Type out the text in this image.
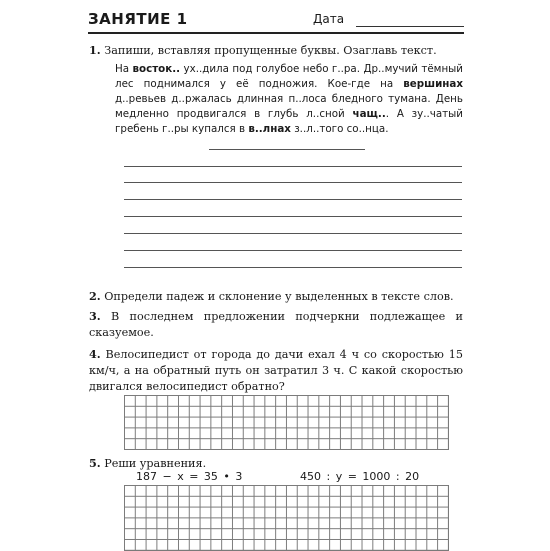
ЗАНЯТИЕ 1	Дата
1. Запиши, вставляя пропущенные буквы. Озаглавь текст.
На восток.. ух..дила под голубое небо г..ра. Др..мучий тёмный лес поднимался у её подножия. Кое-где на вершинах д..ревьев д..ржалась длинная п..лоса бледного тумана. День медленно продвигался в глубь л..сной чащ... А зу..чатый гребень г..ры купался в в..лнах з..л..того со..нца.
2. Определи падеж и склонение у выделенных в тексте слов.
3. В последнем предложении подчеркни подлежащее и сказуемое.
4. Велосипедист от города до дачи ехал 4 ч со скоростью 15 км/ч, а на обратный путь он затратил 3 ч. С какой скоростью двигался велосипедист обратно?
5. Реши уравнения.
187 − x = 35 • 3	450 : y = 1000 : 20
